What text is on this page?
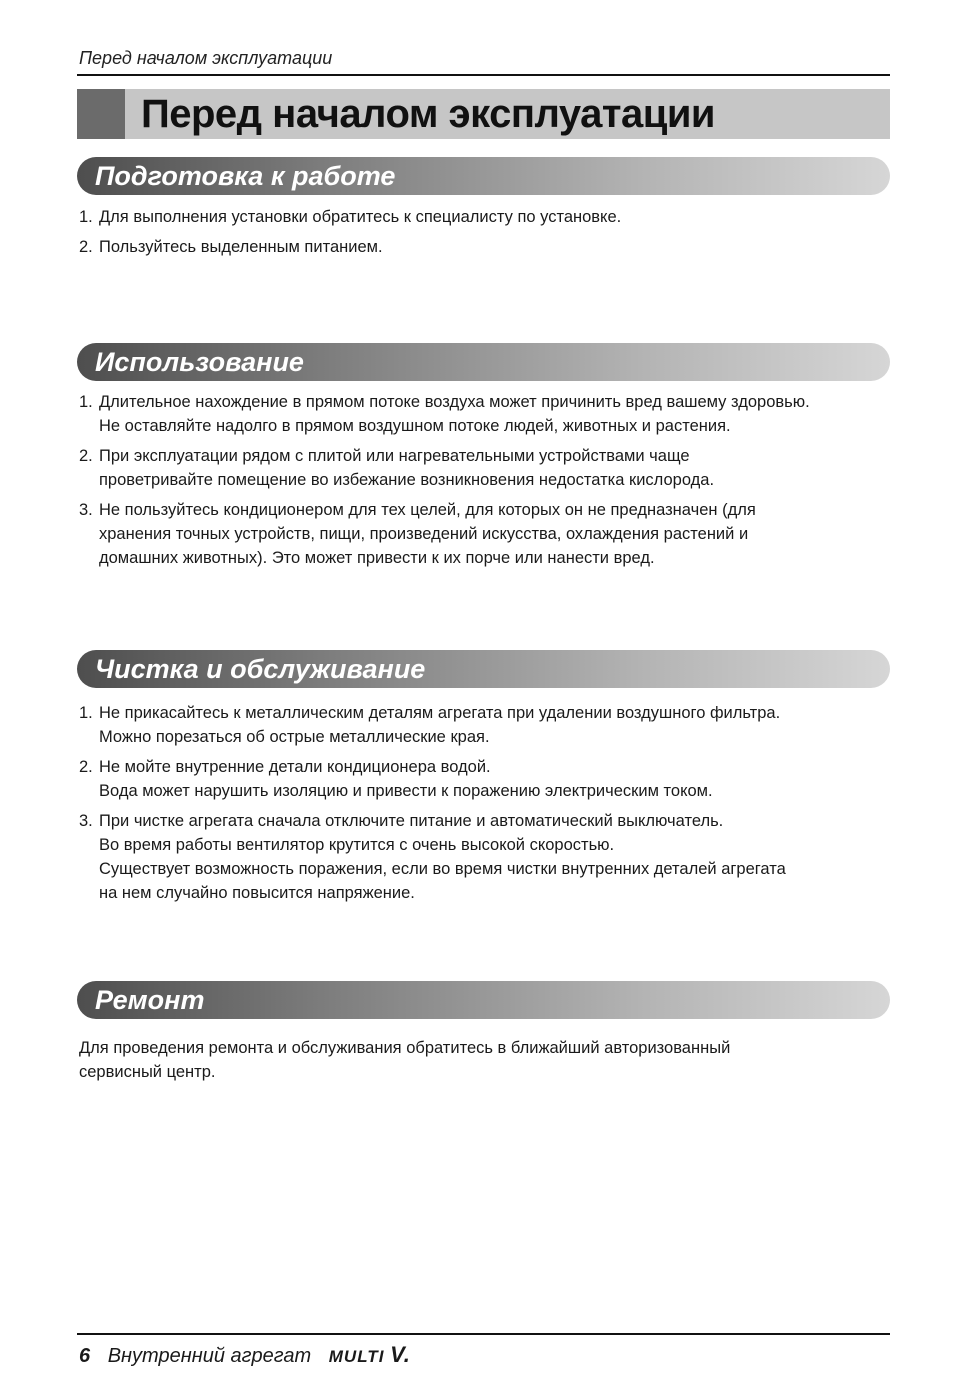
Перед началом эксплуатации
Перед началом эксплуатации
Подготовка к работе
1. Для выполнения установки обратитесь к специалисту по установке.
2. Пользуйтесь выделенным питанием.
Использование
1. Длительное нахождение в прямом потоке воздуха может причинить вред вашему здоровью.
Не оставляйте надолго в прямом воздушном потоке людей, животных и растения.
2. При эксплуатации рядом с плитой или нагревательными устройствами чаще
проветривайте помещение во избежание возникновения недостатка кислорода.
3. Не пользуйтесь кондиционером для тех целей, для которых он не предназначен (для
хранения точных устройств, пищи, произведений искусства, охлаждения растений и
домашних животных). Это может привести к их порче или нанести вред.
Чистка и обслуживание
1. Не прикасайтесь к металлическим деталям агрегата при удалении воздушного фильтра.
Можно порезаться об острые металлические края.
2. Не мойте внутренние детали кондиционера водой.
Вода может нарушить изоляцию и привести к поражению электрическим током.
3. При чистке агрегата сначала отключите питание и автоматический выключатель.
Во время работы вентилятор крутится с очень высокой скоростью.
Существует возможность поражения, если во время чистки внутренних деталей агрегата
на нем случайно повысится напряжение.
Ремонт
Для проведения ремонта и обслуживания обратитесь в ближайший авторизованный
сервисный центр.
6 Внутренний агрегат MULTI V.
